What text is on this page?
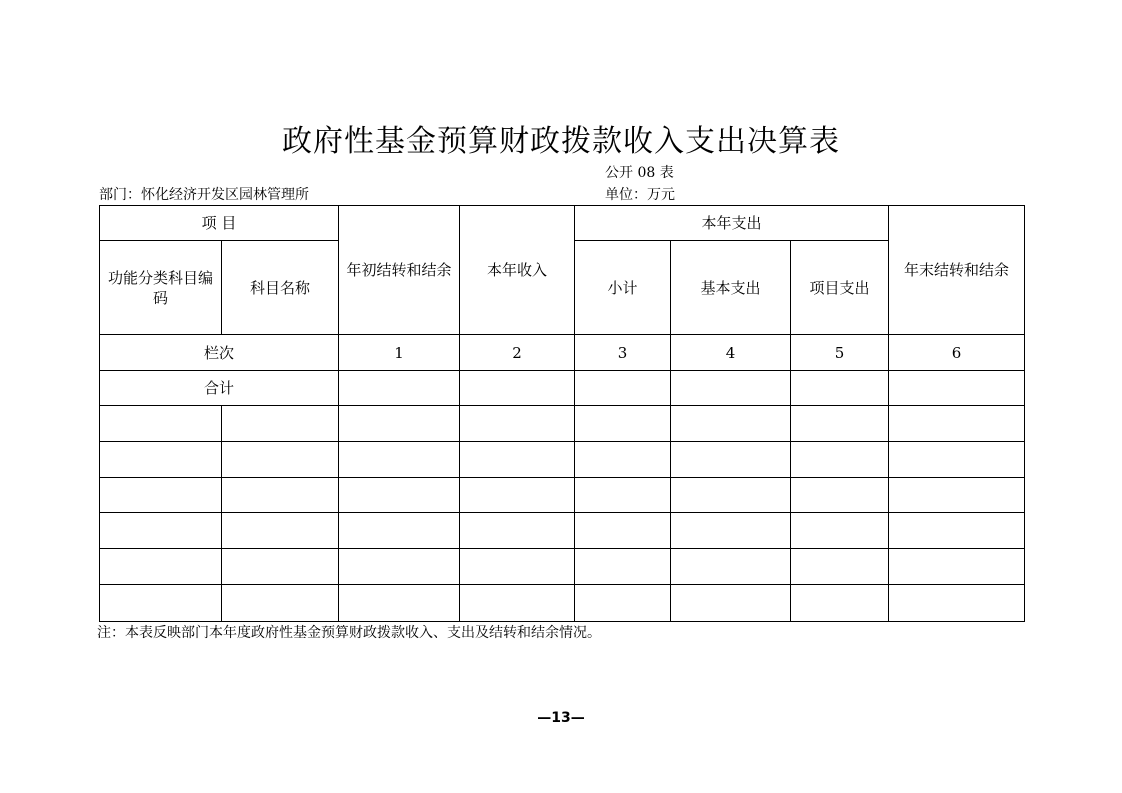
政府性基金预算财政拨款收入支出决算表
公开 08 表
部门：怀化经济开发区园林管理所	单位：万元
项 目		年初结转和结余	本年收入	本年支出			年末结转和结余
功能分类科目编码	科目名称			小计	基本支出	项目支出	
栏次		1	2	3	4	5	6
合计							

注：本表反映部门本年度政府性基金预算财政拨款收入、支出及结转和结余情况。
—13—
